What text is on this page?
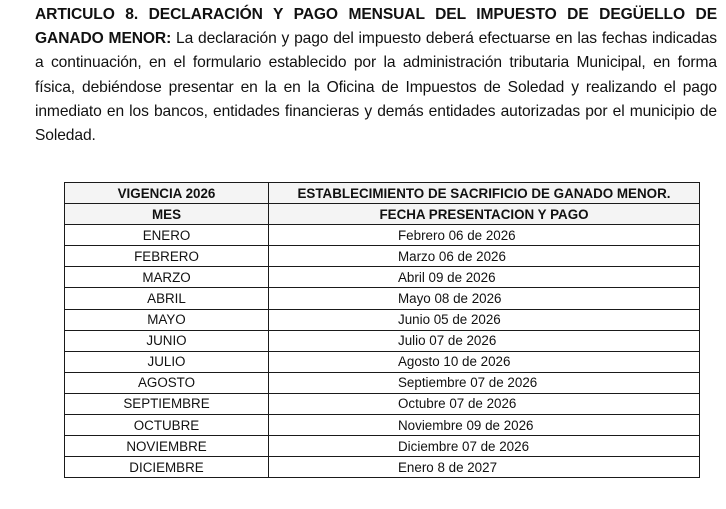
ARTICULO 8. DECLARACIÓN Y PAGO MENSUAL DEL IMPUESTO DE DEGÜELLO DE GANADO MENOR: La declaración y pago del impuesto deberá efectuarse en las fechas indicadas a continuación, en el formulario establecido por la administración tributaria Municipal, en forma física, debiéndose presentar en la en la Oficina de Impuestos de Soledad y realizando el pago inmediato en los bancos, entidades financieras y demás entidades autorizadas por el municipio de Soledad.
VIGENCIA 2026	ESTABLECIMIENTO DE SACRIFICIO DE GANADO MENOR.
MES	FECHA PRESENTACION Y PAGO
ENERO	Febrero 06 de 2026
FEBRERO	Marzo 06 de 2026
MARZO	Abril 09 de 2026
ABRIL	Mayo 08 de 2026
MAYO	Junio 05 de 2026
JUNIO	Julio 07 de 2026
JULIO	Agosto 10 de 2026
AGOSTO	Septiembre 07 de 2026
SEPTIEMBRE	Octubre 07 de 2026
OCTUBRE	Noviembre 09 de 2026
NOVIEMBRE	Diciembre 07 de 2026
DICIEMBRE	Enero 8 de 2027
